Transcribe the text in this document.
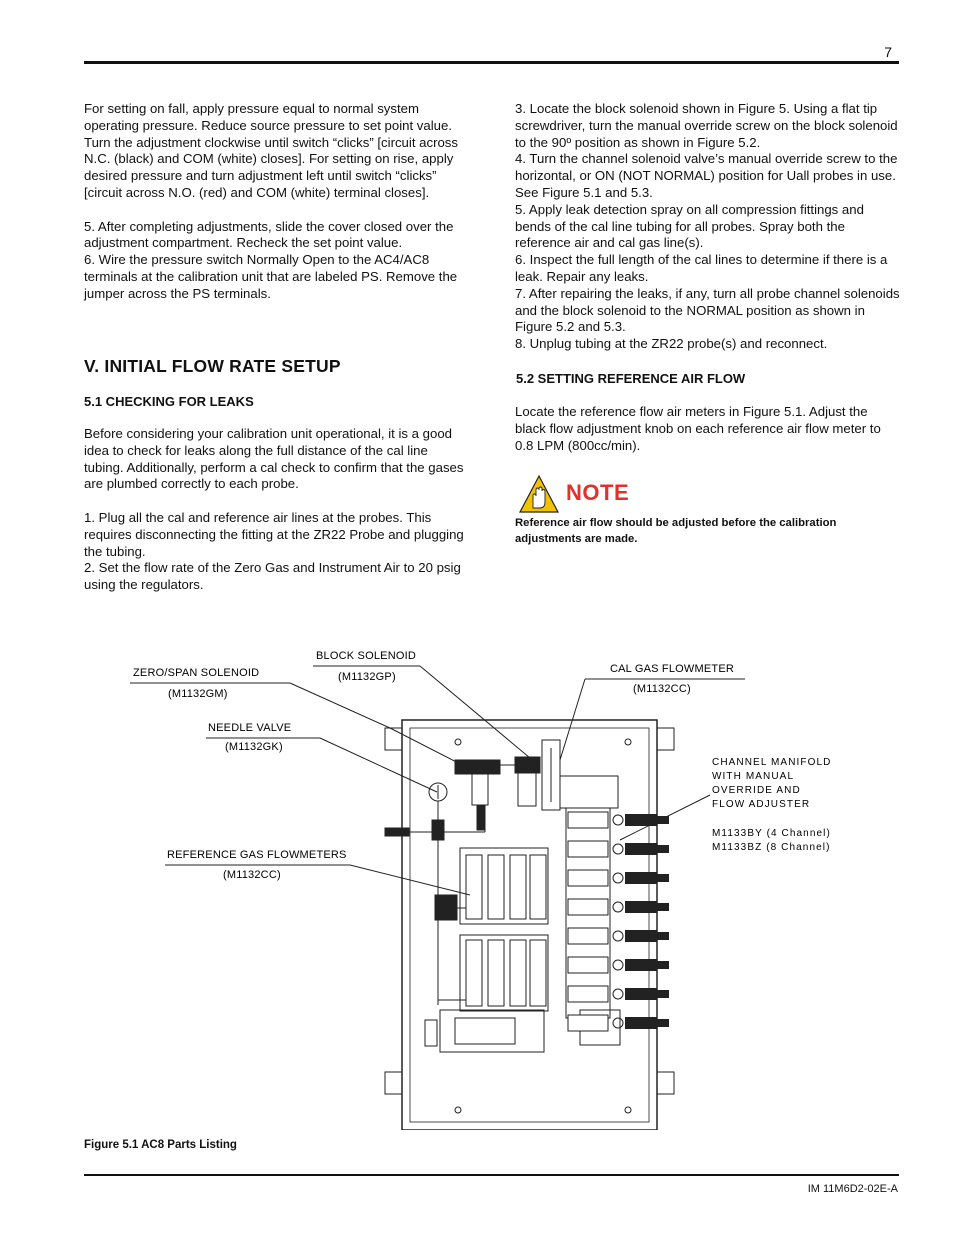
7

For setting on fall, apply pressure equal to normal system operating pressure. Reduce source pressure to set point value. Turn the adjustment clockwise until switch “clicks” [circuit across N.C. (black) and COM (white) closes]. For setting on rise, apply desired pressure and turn adjustment left until switch “clicks” [circuit across N.O. (red) and COM (white) terminal closes].

5. After completing adjustments, slide the cover closed over the adjustment compartment. Recheck the set point value.

6. Wire the pressure switch Normally Open to the AC4/AC8 terminals at the calibration unit that are labeled PS. Remove the jumper across the PS terminals.

V. INITIAL FLOW RATE SETUP
5.1 CHECKING FOR LEAKS

Before considering your calibration unit operational, it is a good idea to check for leaks along the full distance of the cal line tubing. Additionally, perform a cal check to confirm that the gases are plumbed correctly to each probe.

1. Plug all the cal and reference air lines at the probes. This requires disconnecting the fitting at the ZR22 Probe and plugging the tubing.

2. Set the flow rate of the Zero Gas and Instrument Air to 20 psig using the regulators.

3. Locate the block solenoid shown in Figure 5. Using a flat tip screwdriver, turn the manual override screw on the block solenoid to the 90º position as shown in Figure 5.2.

4. Turn the channel solenoid valve’s manual override screw to the horizontal, or ON (NOT NORMAL) position for Uall probes in use. See Figure 5.1 and 5.3.

5. Apply leak detection spray on all compression fittings and bends of the cal line tubing for all probes. Spray both the reference air and cal gas line(s).

6. Inspect the full length of the cal lines to determine if there is a leak. Repair any leaks.

7. After repairing the leaks, if any, turn all probe channel solenoids and the block solenoid to the NORMAL position as shown in Figure 5.2 and 5.3.

8. Unplug tubing at the ZR22 probe(s) and reconnect.

5.2 SETTING REFERENCE AIR FLOW

Locate the reference flow air meters in Figure 5.1. Adjust the black flow adjustment knob on each reference air flow meter to 0.8 LPM (800cc/min).

NOTE
Reference air flow should be adjusted before the calibration adjustments are made.
ZERO/SPAN SOLENOID
(M1132GM)
BLOCK SOLENOID
(M1132GP)
CAL GAS FLOWMETER
(M1132CC)
NEEDLE VALVE
(M1132GK)
REFERENCE GAS FLOWMETERS
(M1132CC)
CHANNEL MANIFOLD
WITH MANUAL
OVERRIDE AND
FLOW ADJUSTER
M1133BY (4 Channel)
M1133BZ (8 Channel)
Figure 5.1 AC8 Parts Listing
IM 11M6D2-02E-A
